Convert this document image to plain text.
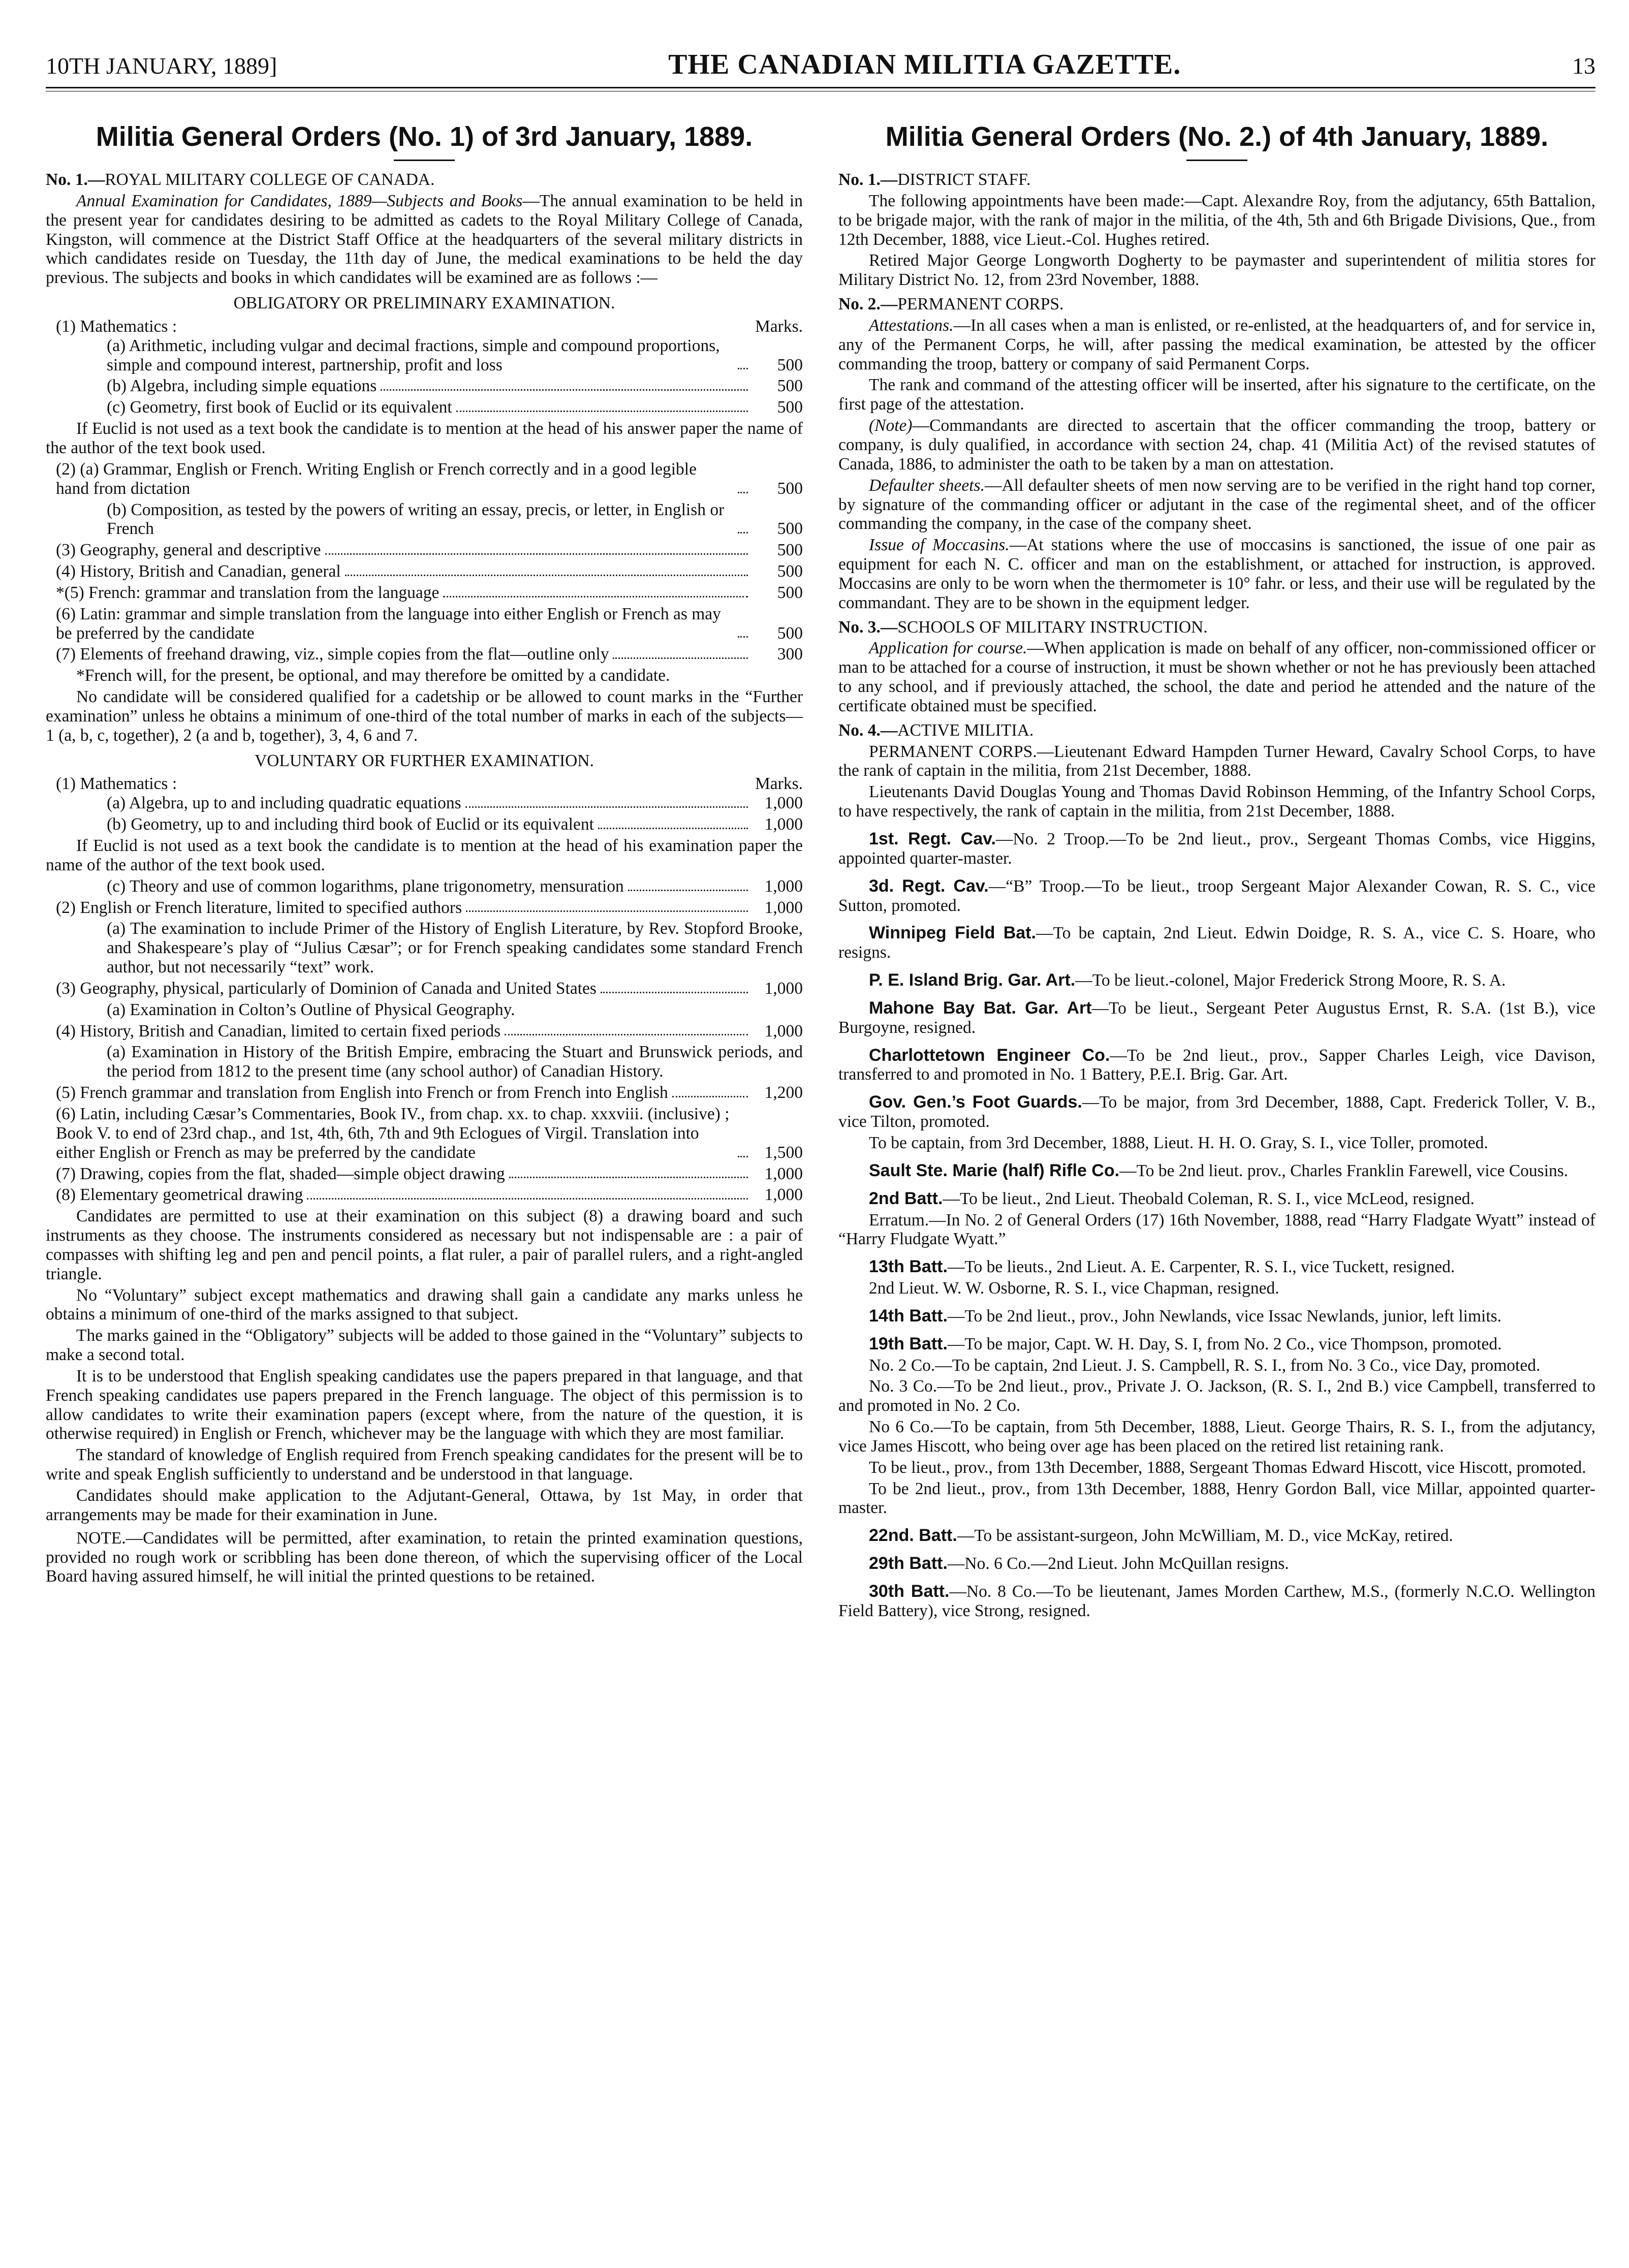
10TH JANUARY, 1889]	THE CANADIAN MILITIA GAZETTE.	13
Militia General Orders (No. 1) of 3rd January, 1889.
No. 1.—ROYAL MILITARY COLLEGE OF CANADA.

Annual Examination for Candidates, 1889—Subjects and Books—The annual examination to be held in the present year for candidates desiring to be admitted as cadets to the Royal Military College of Canada, Kingston, will commence at the District Staff Office at the headquarters of the several military districts in which candidates reside on Tuesday, the 11th day of June, the medical examinations to be held the day previous. The subjects and books in which candidates will be examined are as follows :—

OBLIGATORY OR PRELIMINARY EXAMINATION.
(1) Mathematics :	Marks.
(a) Arithmetic, including vulgar and decimal fractions, simple and compound proportions, simple and compound interest, partnership, profit and loss	500
(b) Algebra, including simple equations	500
(c) Geometry, first book of Euclid or its equivalent	500

If Euclid is not used as a text book the candidate is to mention at the head of his answer paper the name of the author of the text book used.

(2) (a) Grammar, English or French. Writing English or French correctly and in a good legible hand from dictation	500
(b) Composition, as tested by the powers of writing an essay, precis, or letter, in English or French	500
(3) Geography, general and descriptive	500
(4) History, British and Canadian, general	500
*(5) French: grammar and translation from the language	500
(6) Latin: grammar and simple translation from the language into either English or French as may be preferred by the candidate	500
(7) Elements of freehand drawing, viz., simple copies from the flat—outline only	300

*French will, for the present, be optional, and may therefore be omitted by a candidate.

No candidate will be considered qualified for a cadetship or be allowed to count marks in the “Further examination” unless he obtains a minimum of one-third of the total number of marks in each of the subjects—1 (a, b, c, together), 2 (a and b, together), 3, 4, 6 and 7.

VOLUNTARY OR FURTHER EXAMINATION.
(1) Mathematics :	Marks.
(a) Algebra, up to and including quadratic equations	1,000
(b) Geometry, up to and including third book of Euclid or its equivalent	1,000

If Euclid is not used as a text book the candidate is to mention at the head of his examination paper the name of the author of the text book used.

(c) Theory and use of common logarithms, plane trigonometry, mensuration	1,000
(2) English or French literature, limited to specified authors	1,000

(a) The examination to include Primer of the History of English Literature, by Rev. Stopford Brooke, and Shakespeare’s play of “Julius Cæsar”; or for French speaking candidates some standard French author, but not necessarily “text” work.

(3) Geography, physical, particularly of Dominion of Canada and United States	1,000

(a) Examination in Colton’s Outline of Physical Geography.

(4) History, British and Canadian, limited to certain fixed periods	1,000

(a) Examination in History of the British Empire, embracing the Stuart and Brunswick periods, and the period from 1812 to the present time (any school author) of Canadian History.

(5) French grammar and translation from English into French or from French into English	1,200
(6) Latin, including Cæsar’s Commentaries, Book IV., from chap. xx. to chap. xxxviii. (inclusive) ; Book V. to end of 23rd chap., and 1st, 4th, 6th, 7th and 9th Eclogues of Virgil. Translation into either English or French as may be preferred by the candidate	1,500
(7) Drawing, copies from the flat, shaded—simple object drawing	1,000
(8) Elementary geometrical drawing	1,000

Candidates are permitted to use at their examination on this subject (8) a drawing board and such instruments as they choose. The instruments considered as necessary but not indispensable are : a pair of compasses with shifting leg and pen and pencil points, a flat ruler, a pair of parallel rulers, and a right-angled triangle.

No “Voluntary” subject except mathematics and drawing shall gain a candidate any marks unless he obtains a minimum of one-third of the marks assigned to that subject.

The marks gained in the “Obligatory” subjects will be added to those gained in the “Voluntary” subjects to make a second total.

It is to be understood that English speaking candidates use the papers prepared in that language, and that French speaking candidates use papers prepared in the French language. The object of this permission is to allow candidates to write their examination papers (except where, from the nature of the question, it is otherwise required) in English or French, whichever may be the language with which they are most familiar.

The standard of knowledge of English required from French speaking candidates for the present will be to write and speak English sufficiently to understand and be understood in that language.

Candidates should make application to the Adjutant-General, Ottawa, by 1st May, in order that arrangements may be made for their examination in June.

NOTE.—Candidates will be permitted, after examination, to retain the printed examination questions, provided no rough work or scribbling has been done thereon, of which the supervising officer of the Local Board having assured himself, he will initial the printed questions to be retained.

Militia General Orders (No. 2.) of 4th January, 1889.
No. 1.—DISTRICT STAFF.

The following appointments have been made:—Capt. Alexandre Roy, from the adjutancy, 65th Battalion, to be brigade major, with the rank of major in the militia, of the 4th, 5th and 6th Brigade Divisions, Que., from 12th December, 1888, vice Lieut.-Col. Hughes retired.

Retired Major George Longworth Dogherty to be paymaster and superintendent of militia stores for Military District No. 12, from 23rd November, 1888.

No. 2.—PERMANENT CORPS.

Attestations.—In all cases when a man is enlisted, or re-enlisted, at the headquarters of, and for service in, any of the Permanent Corps, he will, after passing the medical examination, be attested by the officer commanding the troop, battery or company of said Permanent Corps.

The rank and command of the attesting officer will be inserted, after his signature to the certificate, on the first page of the attestation.

(Note)—Commandants are directed to ascertain that the officer commanding the troop, battery or company, is duly qualified, in accordance with section 24, chap. 41 (Militia Act) of the revised statutes of Canada, 1886, to administer the oath to be taken by a man on attestation.

Defaulter sheets.—All defaulter sheets of men now serving are to be verified in the right hand top corner, by signature of the commanding officer or adjutant in the case of the regimental sheet, and of the officer commanding the company, in the case of the company sheet.

Issue of Moccasins.—At stations where the use of moccasins is sanctioned, the issue of one pair as equipment for each N. C. officer and man on the establishment, or attached for instruction, is approved. Moccasins are only to be worn when the thermometer is 10° fahr. or less, and their use will be regulated by the commandant. They are to be shown in the equipment ledger.

No. 3.—SCHOOLS OF MILITARY INSTRUCTION.

Application for course.—When application is made on behalf of any officer, non-commissioned officer or man to be attached for a course of instruction, it must be shown whether or not he has previously been attached to any school, and if previously attached, the school, the date and period he attended and the nature of the certificate obtained must be specified.

No. 4.—ACTIVE MILITIA.

PERMANENT CORPS.—Lieutenant Edward Hampden Turner Heward, Cavalry School Corps, to have the rank of captain in the militia, from 21st December, 1888.

Lieutenants David Douglas Young and Thomas David Robinson Hemming, of the Infantry School Corps, to have respectively, the rank of captain in the militia, from 21st December, 1888.

1st. Regt. Cav.—No. 2 Troop.—To be 2nd lieut., prov., Sergeant Thomas Combs, vice Higgins, appointed quarter-master.

3d. Regt. Cav.—“B” Troop.—To be lieut., troop Sergeant Major Alexander Cowan, R. S. C., vice Sutton, promoted.

Winnipeg Field Bat.—To be captain, 2nd Lieut. Edwin Doidge, R. S. A., vice C. S. Hoare, who resigns.

P. E. Island Brig. Gar. Art.—To be lieut.-colonel, Major Frederick Strong Moore, R. S. A.

Mahone Bay Bat. Gar. Art—To be lieut., Sergeant Peter Augustus Ernst, R. S.A. (1st B.), vice Burgoyne, resigned.

Charlottetown Engineer Co.—To be 2nd lieut., prov., Sapper Charles Leigh, vice Davison, transferred to and promoted in No. 1 Battery, P.E.I. Brig. Gar. Art.

Gov. Gen.’s Foot Guards.—To be major, from 3rd December, 1888, Capt. Frederick Toller, V. B., vice Tilton, promoted.

To be captain, from 3rd December, 1888, Lieut. H. H. O. Gray, S. I., vice Toller, promoted.

Sault Ste. Marie (half) Rifle Co.—To be 2nd lieut. prov., Charles Franklin Farewell, vice Cousins.

2nd Batt.—To be lieut., 2nd Lieut. Theobald Coleman, R. S. I., vice McLeod, resigned.

Erratum.—In No. 2 of General Orders (17) 16th November, 1888, read “Harry Fladgate Wyatt” instead of “Harry Fludgate Wyatt.”

13th Batt.—To be lieuts., 2nd Lieut. A. E. Carpenter, R. S. I., vice Tuckett, resigned.

2nd Lieut. W. W. Osborne, R. S. I., vice Chapman, resigned.

14th Batt.—To be 2nd lieut., prov., John Newlands, vice Issac Newlands, junior, left limits.

19th Batt.—To be major, Capt. W. H. Day, S. I, from No. 2 Co., vice Thompson, promoted.

No. 2 Co.—To be captain, 2nd Lieut. J. S. Campbell, R. S. I., from No. 3 Co., vice Day, promoted.

No. 3 Co.—To be 2nd lieut., prov., Private J. O. Jackson, (R. S. I., 2nd B.) vice Campbell, transferred to and promoted in No. 2 Co.

No 6 Co.—To be captain, from 5th December, 1888, Lieut. George Thairs, R. S. I., from the adjutancy, vice James Hiscott, who being over age has been placed on the retired list retaining rank.

To be lieut., prov., from 13th December, 1888, Sergeant Thomas Edward Hiscott, vice Hiscott, promoted.

To be 2nd lieut., prov., from 13th December, 1888, Henry Gordon Ball, vice Millar, appointed quarter-master.

22nd. Batt.—To be assistant-surgeon, John McWilliam, M. D., vice McKay, retired.

29th Batt.—No. 6 Co.—2nd Lieut. John McQuillan resigns.

30th Batt.—No. 8 Co.—To be lieutenant, James Morden Carthew, M.S., (formerly N.C.O. Wellington Field Battery), vice Strong, resigned.
